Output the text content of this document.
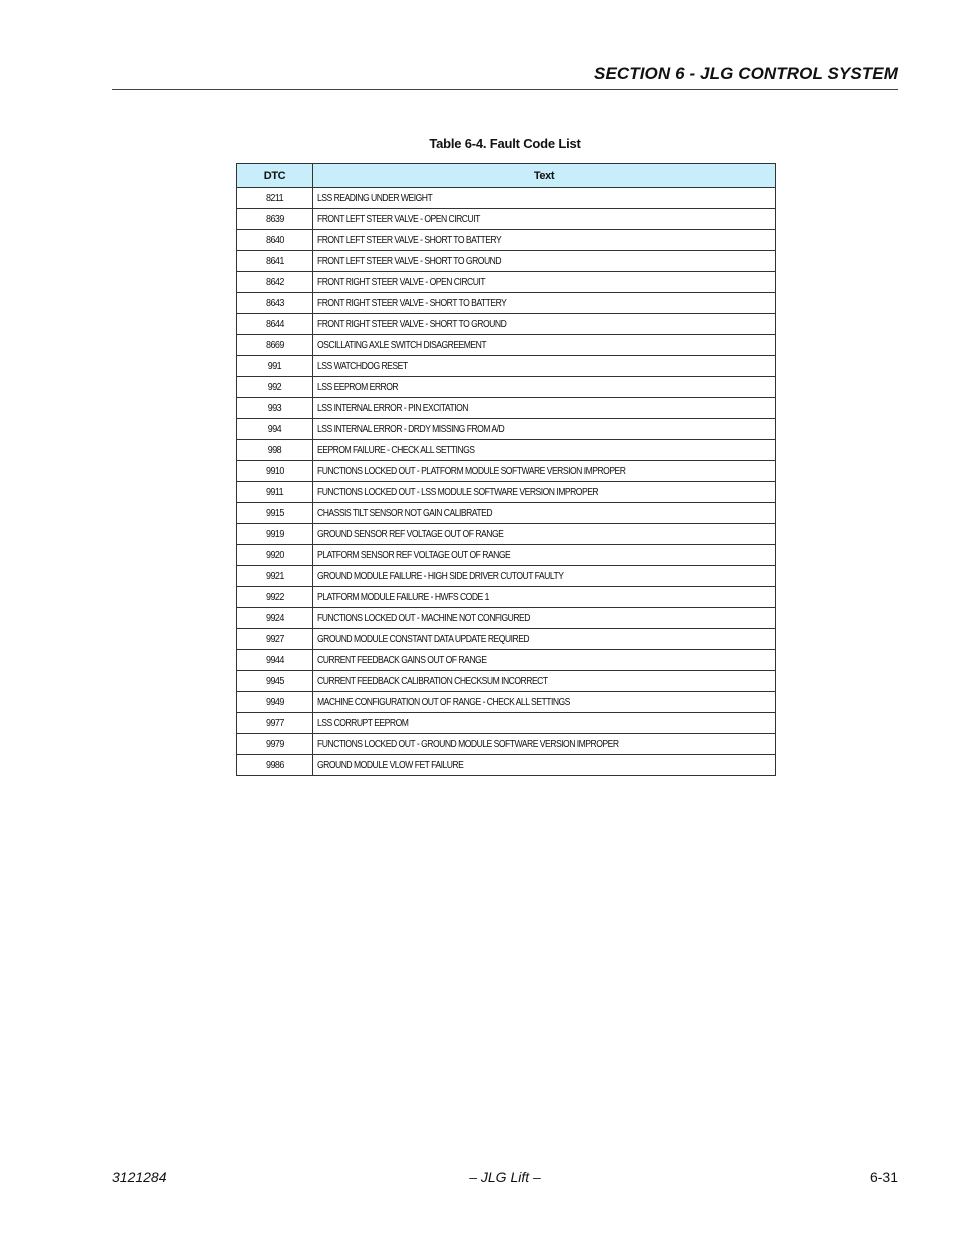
SECTION 6 - JLG CONTROL SYSTEM
Table 6-4. Fault Code List
DTC	Text
8211	LSS READING UNDER WEIGHT
8639	FRONT LEFT STEER VALVE - OPEN CIRCUIT
8640	FRONT LEFT STEER VALVE - SHORT TO BATTERY
8641	FRONT LEFT STEER VALVE - SHORT TO GROUND
8642	FRONT RIGHT STEER VALVE - OPEN CIRCUIT
8643	FRONT RIGHT STEER VALVE - SHORT TO BATTERY
8644	FRONT RIGHT STEER VALVE - SHORT TO GROUND
8669	OSCILLATING AXLE SWITCH DISAGREEMENT
991	LSS WATCHDOG RESET
992	LSS EEPROM ERROR
993	LSS INTERNAL ERROR - PIN EXCITATION
994	LSS INTERNAL ERROR - DRDY MISSING FROM A/D
998	EEPROM FAILURE - CHECK ALL SETTINGS
9910	FUNCTIONS LOCKED OUT - PLATFORM MODULE SOFTWARE VERSION IMPROPER
9911	FUNCTIONS LOCKED OUT - LSS MODULE SOFTWARE VERSION IMPROPER
9915	CHASSIS TILT SENSOR NOT GAIN CALIBRATED
9919	GROUND SENSOR REF VOLTAGE OUT OF RANGE
9920	PLATFORM SENSOR REF VOLTAGE OUT OF RANGE
9921	GROUND MODULE FAILURE - HIGH SIDE DRIVER CUTOUT FAULTY
9922	PLATFORM MODULE FAILURE - HWFS CODE 1
9924	FUNCTIONS LOCKED OUT - MACHINE NOT CONFIGURED
9927	GROUND MODULE CONSTANT DATA UPDATE REQUIRED
9944	CURRENT FEEDBACK GAINS OUT OF RANGE
9945	CURRENT FEEDBACK CALIBRATION CHECKSUM INCORRECT
9949	MACHINE CONFIGURATION OUT OF RANGE - CHECK ALL SETTINGS
9977	LSS CORRUPT EEPROM
9979	FUNCTIONS LOCKED OUT - GROUND MODULE SOFTWARE VERSION IMPROPER
9986	GROUND MODULE VLOW FET FAILURE
3121284	– JLG Lift –	6-31
